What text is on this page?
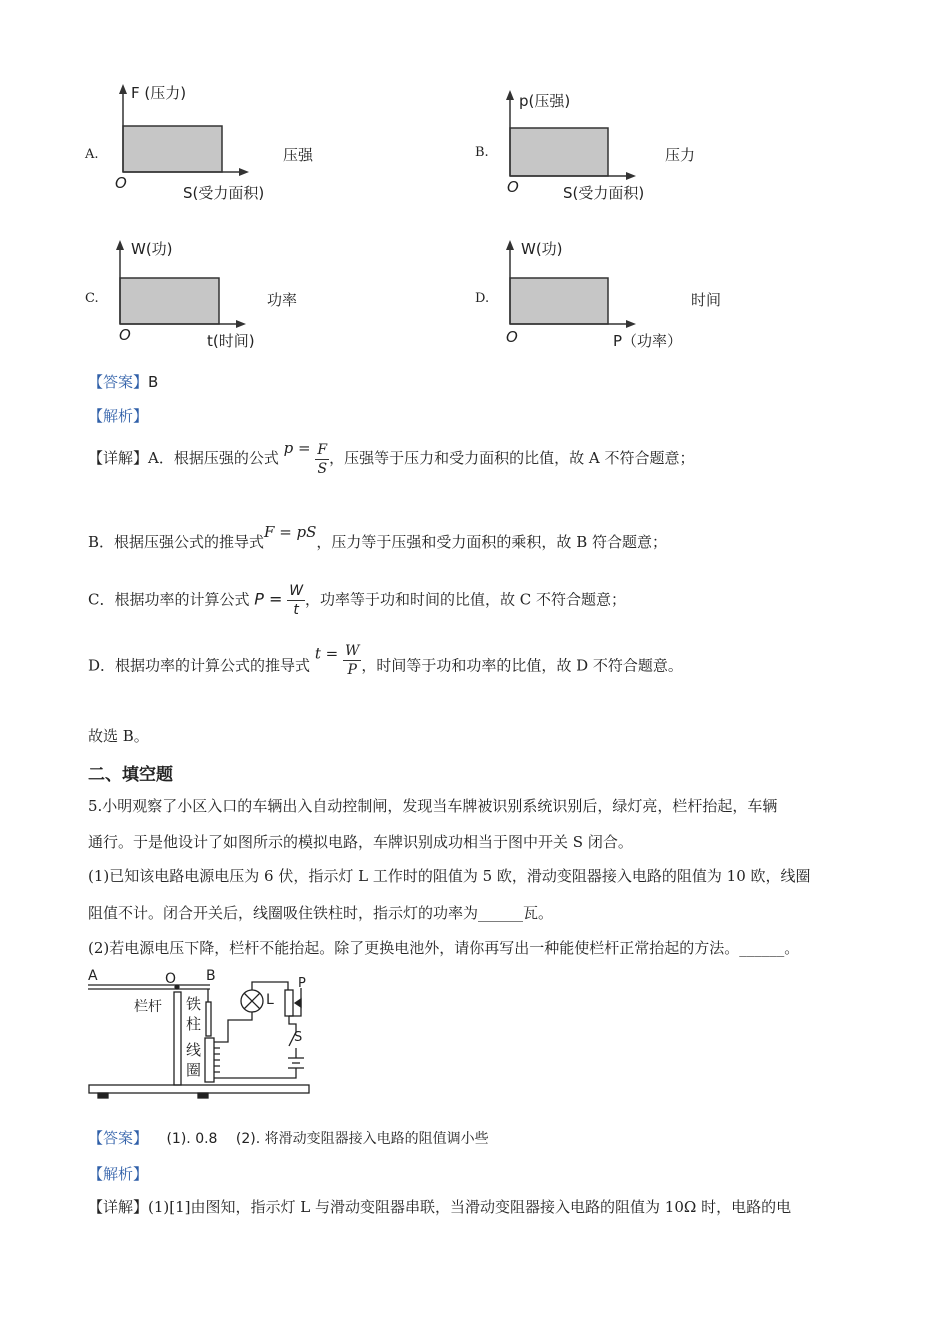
A.
F (压力)
O
S(受力面积)
压强	B.
p(压强)
O	S(受力面积)
压力
C.
W(功)
O	t(时间)
功率	D.
W(功)
O	P（功率）
时间
【答案】B
【解析】
【详解】A．根据压强的公式 $p = \frac{F}{S}$ ，压强等于压力和受力面积的比值，故 A 不符合题意；
B．根据压强公式的推导式F = pS，压力等于压强和受力面积的乘积，故 B 符合题意；
C．根据功率的计算公式 $P = \frac{W}{t}$ ，功率等于功和时间的比值，故 C 不符合题意；
D．根据功率的计算公式的推导式 $t = \frac{W}{P}$ ，时间等于功和功率的比值，故 D 不符合题意。
故选 B。
二、填空题
5.小明观察了小区入口的车辆出入自动控制闸，发现当车牌被识别系统识别后，绿灯亮，栏杆抬起，车辆
通行。于是他设计了如图所示的模拟电路，车牌识别成功相当于图中开关 S 闭合。
(1)已知该电路电源电压为 6 伏，指示灯 L 工作时的阻值为 5 欧，滑动变阻器接入电路的阻值为 10 欧，线圈
阻值不计。闭合开关后，线圈吸住铁柱时，指示灯的功率为______瓦。
(2)若电源电压下降，栏杆不能抬起。除了更换电池外，请你再写出一种能使栏杆正常抬起的方法。______。
A	O B
栏杆 铁柱
线圈
L
P
S
【答案】 (1). 0.8 (2). 将滑动变阻器接入电路的阻值调小些
【解析】
【详解】(1)[1]由图知，指示灯 L 与滑动变阻器串联，当滑动变阻器接入电路的阻值为 10Ω 时，电路的电
